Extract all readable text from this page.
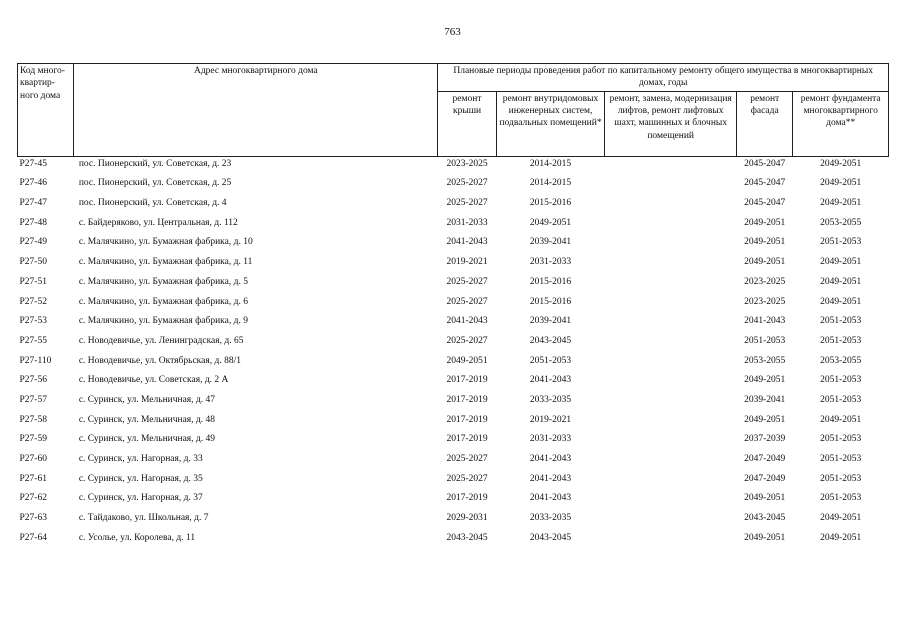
763
Код много-квартир-ного дома	Адрес многоквартирного дома	Плановые периоды проведения работ по капитальному ремонту общего имущества в многоквартирных домах, годы				
		ремонт крыши	ремонт внутридомовых инженерных систем, подвальных помещений*	ремонт, замена, модернизация лифтов, ремонт лифтовых шахт, машинных и блочных помещений	ремонт фасада	ремонт фундамента многоквартирного дома**
P27-45	пос. Пионерский, ул. Советская, д. 23	2023-2025	2014-2015		2045-2047	2049-2051
P27-46	пос. Пионерский, ул. Советская, д. 25	2025-2027	2014-2015		2045-2047	2049-2051
P27-47	пос. Пионерский, ул. Советская, д. 4	2025-2027	2015-2016		2045-2047	2049-2051
P27-48	с. Байдеряково, ул. Центральная, д. 112	2031-2033	2049-2051		2049-2051	2053-2055
P27-49	с. Малячкино, ул. Бумажная фабрика, д. 10	2041-2043	2039-2041		2049-2051	2051-2053
P27-50	с. Малячкино, ул. Бумажная фабрика, д. 11	2019-2021	2031-2033		2049-2051	2049-2051
P27-51	с. Малячкино, ул. Бумажная фабрика, д. 5	2025-2027	2015-2016		2023-2025	2049-2051
P27-52	с. Малячкино, ул. Бумажная фабрика, д. 6	2025-2027	2015-2016		2023-2025	2049-2051
P27-53	с. Малячкино, ул. Бумажная фабрика, д. 9	2041-2043	2039-2041		2041-2043	2051-2053
P27-55	с. Новодевичье, ул. Ленинградская, д. 65	2025-2027	2043-2045		2051-2053	2051-2053
P27-110	с. Новодевичье, ул. Октябрьская, д. 88/1	2049-2051	2051-2053		2053-2055	2053-2055
P27-56	с. Новодевичье, ул. Советская, д. 2 А	2017-2019	2041-2043		2049-2051	2051-2053
P27-57	с. Суринск, ул. Мельничная, д. 47	2017-2019	2033-2035		2039-2041	2051-2053
P27-58	с. Суринск, ул. Мельничная, д. 48	2017-2019	2019-2021		2049-2051	2049-2051
P27-59	с. Суринск, ул. Мельничная, д. 49	2017-2019	2031-2033		2037-2039	2051-2053
P27-60	с. Суринск, ул. Нагорная, д. 33	2025-2027	2041-2043		2047-2049	2051-2053
P27-61	с. Суринск, ул. Нагорная, д. 35	2025-2027	2041-2043		2047-2049	2051-2053
P27-62	с. Суринск, ул. Нагорная, д. 37	2017-2019	2041-2043		2049-2051	2051-2053
P27-63	с. Тайдаково, ул. Школьная, д. 7	2029-2031	2033-2035		2043-2045	2049-2051
P27-64	с. Усолье, ул. Королева, д. 11	2043-2045	2043-2045		2049-2051	2049-2051
